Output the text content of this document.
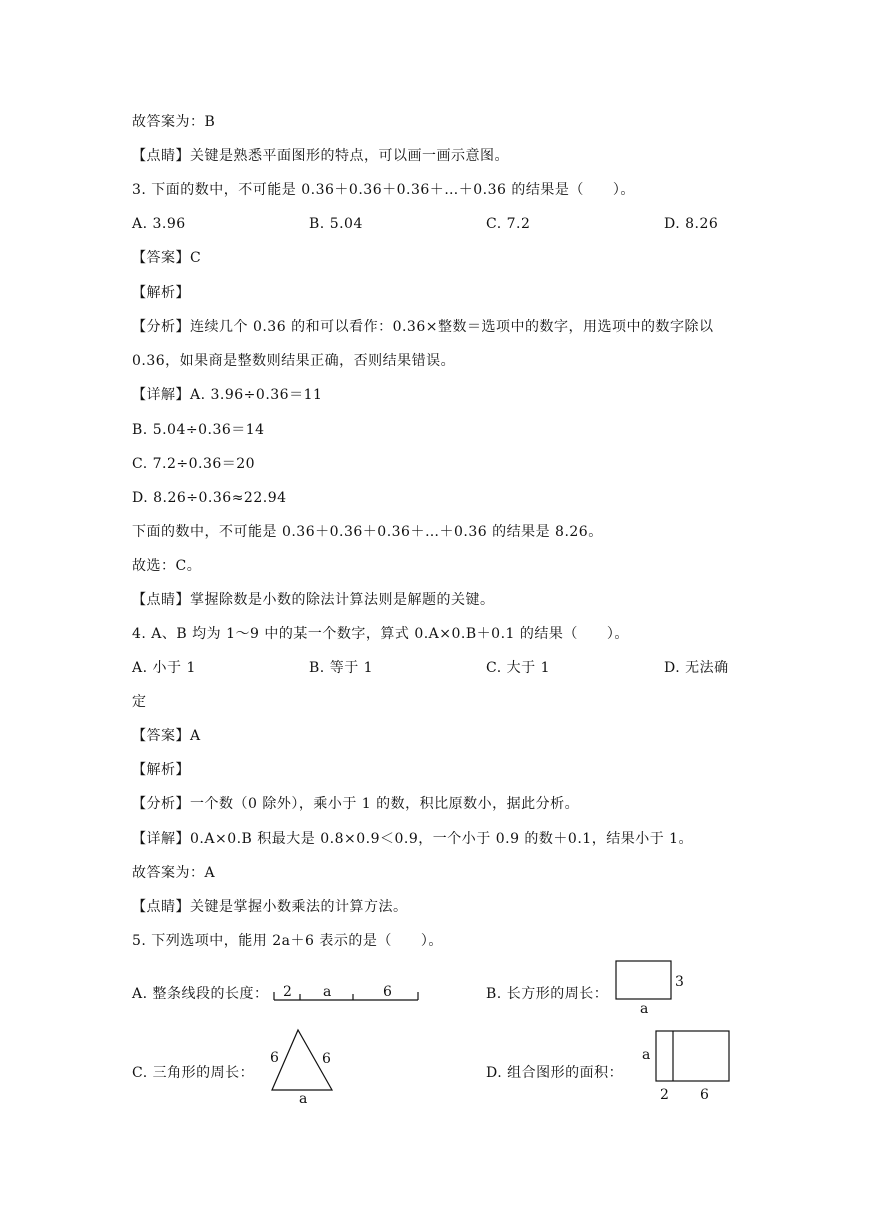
故答案为：B
【点睛】关键是熟悉平面图形的特点，可以画一画示意图。
3. 下面的数中，不可能是 0.36＋0.36＋0.36＋…＋0.36 的结果是（　　）。
A. 3.96	B. 5.04	C. 7.2	D. 8.26
【答案】C
【解析】
【分析】连续几个 0.36 的和可以看作：0.36×整数＝选项中的数字，用选项中的数字除以
0.36，如果商是整数则结果正确，否则结果错误。
【详解】A. 3.96÷0.36＝11
B. 5.04÷0.36＝14
C. 7.2÷0.36＝20
D. 8.26÷0.36≈22.94
下面的数中，不可能是 0.36＋0.36＋0.36＋…＋0.36 的结果是 8.26。
故选：C。
【点睛】掌握除数是小数的除法计算法则是解题的关键。
4. A、B 均为 1～9 中的某一个数字，算式 0.A×0.B＋0.1 的结果（　　）。
A. 小于 1	B. 等于 1	C. 大于 1	D. 无法确
定
【答案】A
【解析】
【分析】一个数（0 除外），乘小于 1 的数，积比原数小，据此分析。
【详解】0.A×0.B 积最大是 0.8×0.9＜0.9，一个小于 0.9 的数＋0.1，结果小于 1。
故答案为：A
【点睛】关键是掌握小数乘法的计算方法。
5. 下列选项中，能用 2a＋6 表示的是（　　）。
A. 整条线段的长度： 2 a	6	B. 长方形的周长：
3
a
C. 三角形的周长：
6	6
a
D. 组合图形的面积：
a
2 6
